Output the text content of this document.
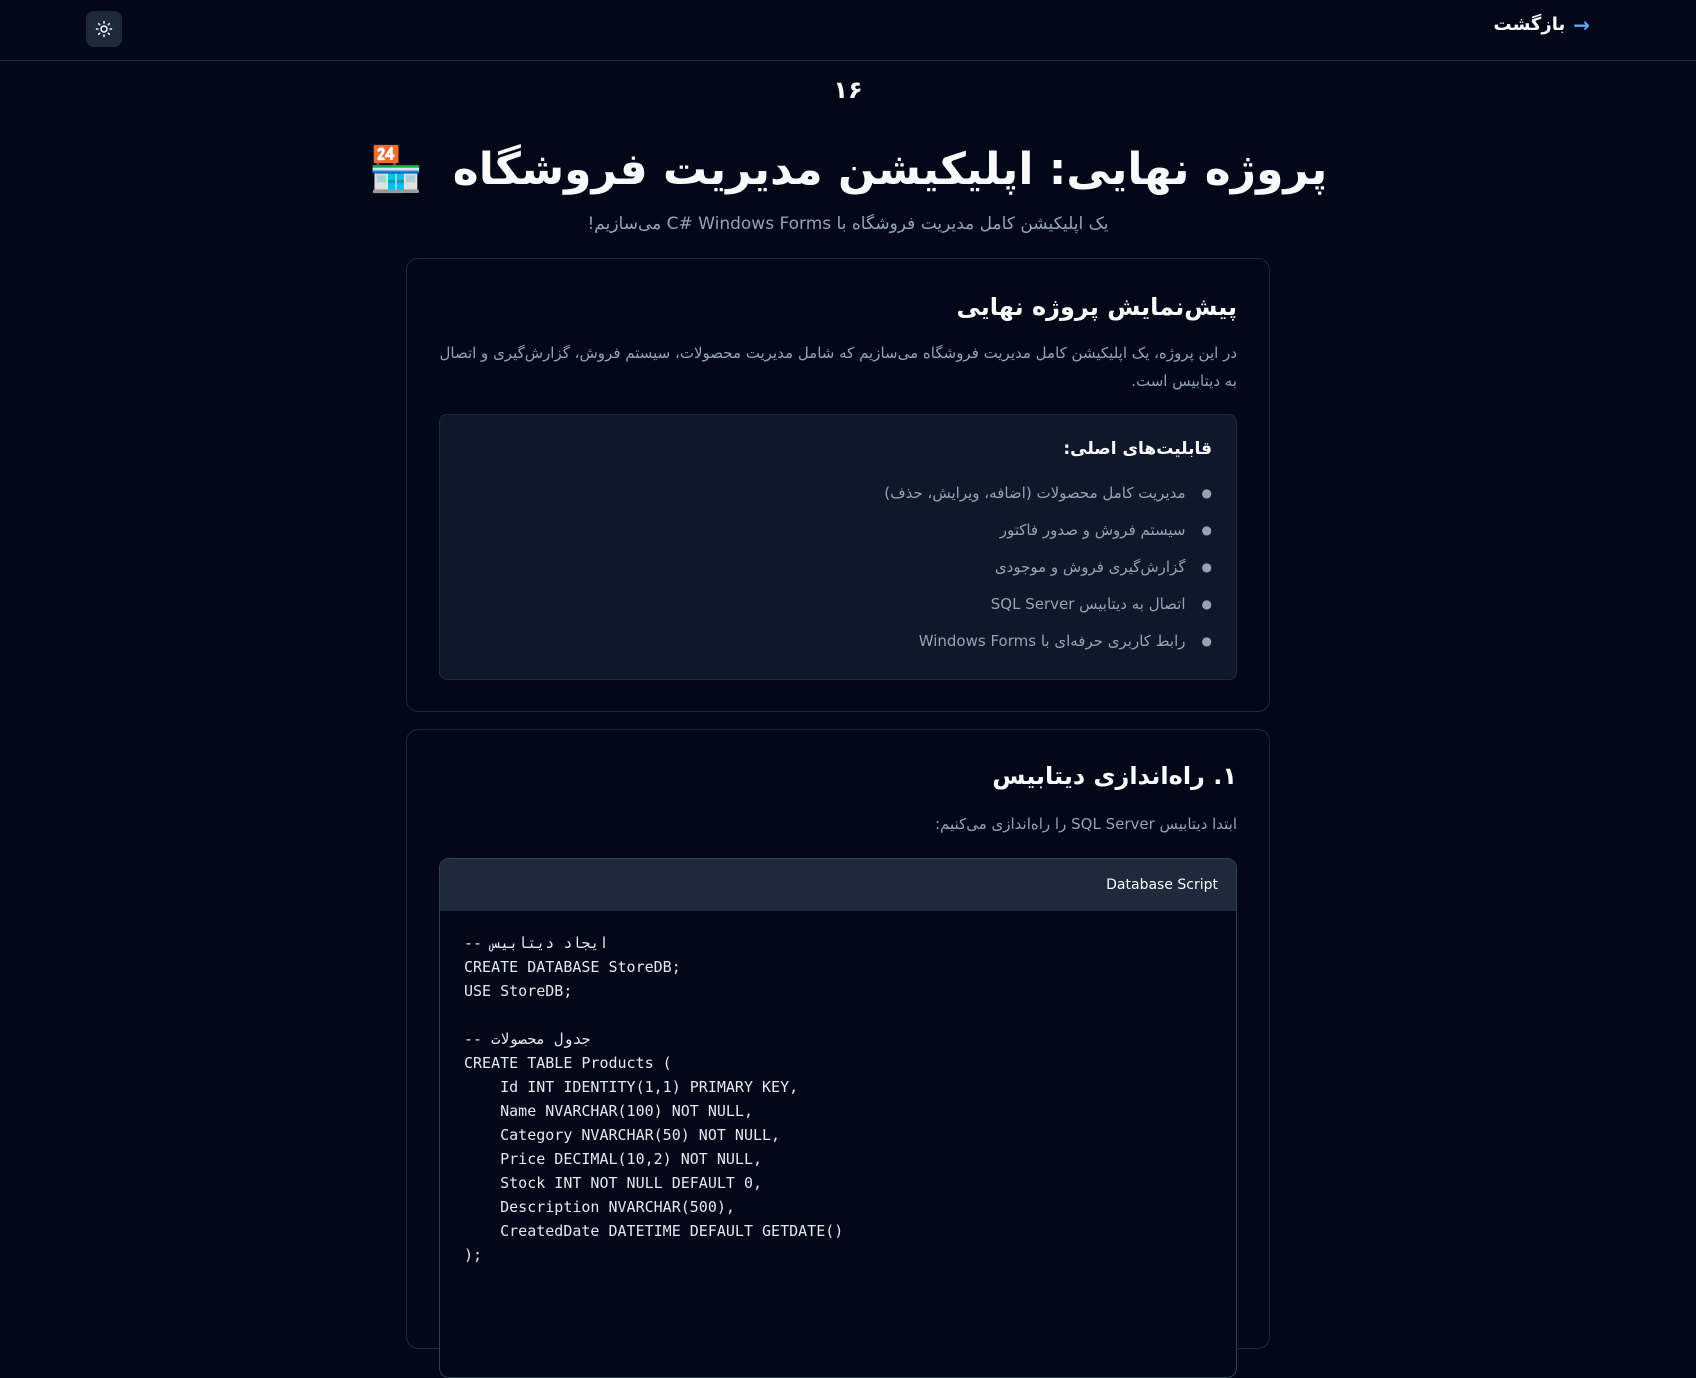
→
بازگشت
۱۶
پروژه نهایی: اپلیکیشن مدیریت فروشگاه 🏪
یک اپلیکیشن کامل مدیریت فروشگاه با C# Windows Forms می‌سازیم!
پیش‌نمایش پروژه نهایی

در این پروژه، یک اپلیکیشن کامل مدیریت فروشگاه می‌سازیم که شامل مدیریت محصولات، سیستم فروش، گزارش‌گیری و اتصال به دیتابیس است.

قابلیت‌های اصلی:
●
مدیریت کامل محصولات (اضافه، ویرایش، حذف)
●
سیستم فروش و صدور فاکتور
●
گزارش‌گیری فروش و موجودی
●
اتصال به دیتابیس SQL Server
●
رابط کاربری حرفه‌ای با Windows Forms
۱. راه‌اندازی دیتابیس

ابتدا دیتابیس SQL Server را راه‌اندازی می‌کنیم:

Database Script
-- ایجاد دیتابیس
CREATE DATABASE StoreDB;
USE StoreDB;

-- جدول محصولات
CREATE TABLE Products (
Id INT IDENTITY(1,1) PRIMARY KEY,
Name NVARCHAR(100) NOT NULL,
Category NVARCHAR(50) NOT NULL,
Price DECIMAL(10,2) NOT NULL,
Stock INT NOT NULL DEFAULT 0,
Description NVARCHAR(500),
CreatedDate DATETIME DEFAULT GETDATE()
);
